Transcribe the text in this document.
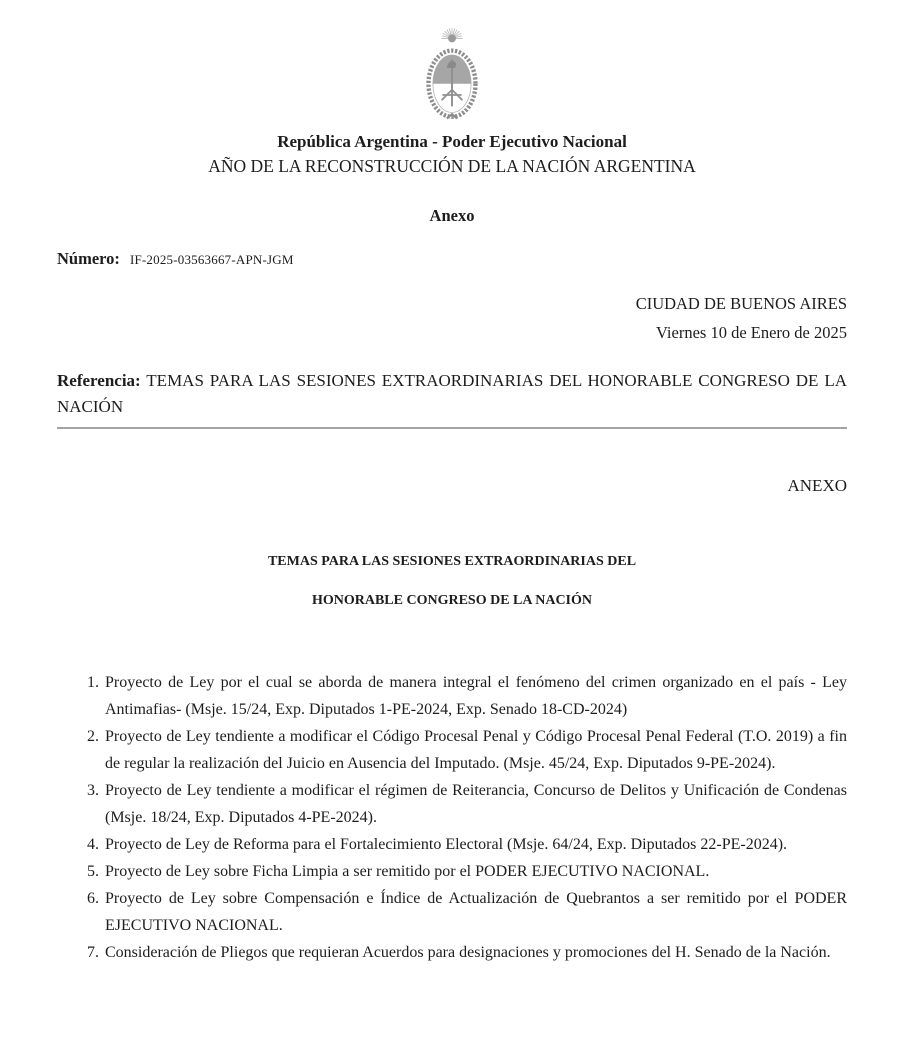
República Argentina - Poder Ejecutivo Nacional
AÑO DE LA RECONSTRUCCIÓN DE LA NACIÓN ARGENTINA
Anexo
Número: IF-2025-03563667-APN-JGM
CIUDAD DE BUENOS AIRES
Viernes 10 de Enero de 2025

Referencia: TEMAS PARA LAS SESIONES EXTRAORDINARIAS DEL HONORABLE CONGRESO DE LA NACIÓN

ANEXO
TEMAS PARA LAS SESIONES EXTRAORDINARIAS DEL
HONORABLE CONGRESO DE LA NACIÓN
1. Proyecto de Ley por el cual se aborda de manera integral el fenómeno del crimen organizado en el país - Ley Antimafias- (Msje. 15/24, Exp. Diputados 1-PE-2024, Exp. Senado 18-CD-2024)
2. Proyecto de Ley tendiente a modificar el Código Procesal Penal y Código Procesal Penal Federal (T.O. 2019) a fin de regular la realización del Juicio en Ausencia del Imputado. (Msje. 45/24, Exp. Diputados 9-PE-2024).
3. Proyecto de Ley tendiente a modificar el régimen de Reiterancia, Concurso de Delitos y Unificación de Condenas (Msje. 18/24, Exp. Diputados 4-PE-2024).
4. Proyecto de Ley de Reforma para el Fortalecimiento Electoral (Msje. 64/24, Exp. Diputados 22-PE-2024).
5. Proyecto de Ley sobre Ficha Limpia a ser remitido por el PODER EJECUTIVO NACIONAL.
6. Proyecto de Ley sobre Compensación e Índice de Actualización de Quebrantos a ser remitido por el PODER EJECUTIVO NACIONAL.
7. Consideración de Pliegos que requieran Acuerdos para designaciones y promociones del H. Senado de la Nación.
